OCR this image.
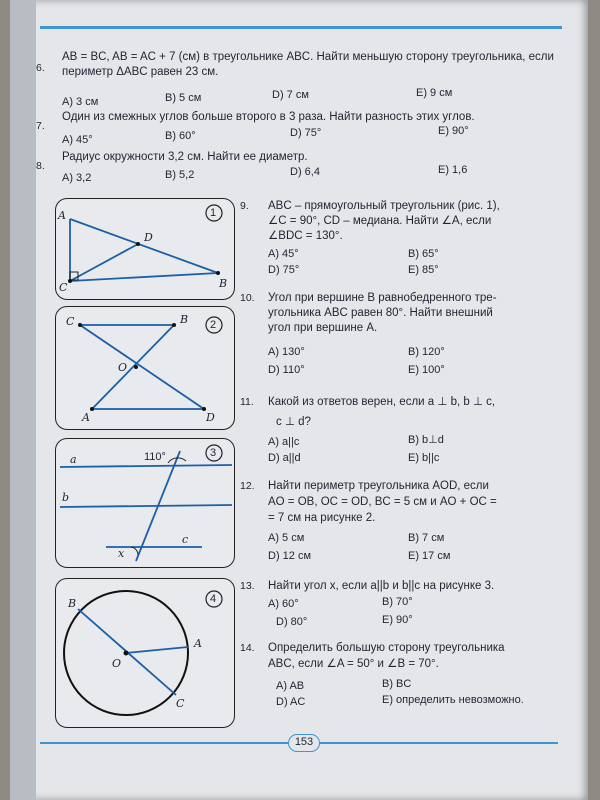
6.
AB = BC, AB = AC + 7 (см) в треугольнике ABC. Найти меньшую сторону треугольника, если периметр ΔABC равен 23 см.
A) 3 см	B) 5 см	D) 7 см	E) 9 см
7.
Один из смежных углов больше второго в 3 раза. Найти разность этих углов.
A) 45°	B) 60°	D) 75°	E) 90°
8.
Радиус окружности 3,2 см. Найти ее диаметр.
A) 3,2	B) 5,2	D) 6,4	E) 1,6
A
D
C	B
1
C	B
O
A	D
2
a	110°
b
c
x
3
B
A
O
C
4
9. ABC – прямоугольный треугольник (рис. 1),
∠C = 90°, CD – медиана. Найти ∠A, если
∠BDC = 130°.
A) 45°	B) 65°
D) 75°	E) 85°
10. Угол при вершине B равнобедренного тре-
угольника ABC равен 80°. Найти внешний
угол при вершине A.
A) 130°	B) 120°
D) 110°	E) 100°
11. Какой из ответов верен, если a ⊥ b, b ⊥ c,
c ⊥ d?
A) a||c	B) b⊥d
D) a||d	E) b||c
12. Найти периметр треугольника AOD, если
AO = OB, OC = OD, BC = 5 см и AO + OC =
= 7 см на рисунке 2.
A) 5 см	B) 7 см
D) 12 см	E) 17 см
13. Найти угол x, если a||b и b||c на рисунке 3.
A) 60°	B) 70°
D) 80°	E) 90°
14. Определить большую сторону треугольника
ABC, если ∠A = 50° и ∠B = 70°.
A) AB	B) BC
D) AC	E) определить невозможно.
153
